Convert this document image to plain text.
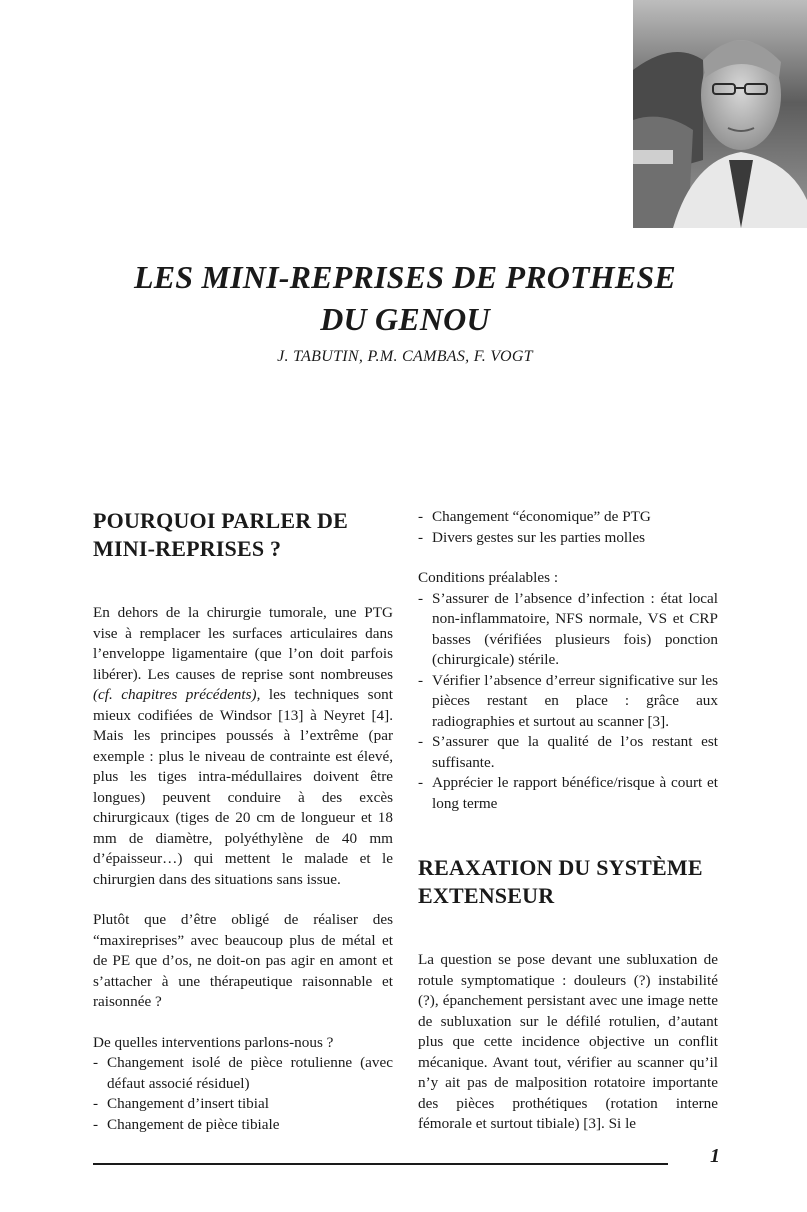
LES MINI-REPRISES DE PROTHESE
DU GENOU

J. TABUTIN, P.M. CAMBAS, F. VOGT

POURQUOI PARLER DE
MINI-REPRISES ?

En dehors de la chirurgie tumorale, une PTG vise à remplacer les surfaces articulaires dans l’enveloppe ligamentaire (que l’on doit parfois libérer). Les causes de reprise sont nombreuses (cf. chapitres précédents), les techniques sont mieux codifiées de Windsor [13] à Neyret [4]. Mais les principes poussés à l’extrême (par exemple : plus le niveau de contrainte est élevé, plus les tiges intra-médullaires doivent être longues) peuvent conduire à des excès chirurgicaux (tiges de 20 cm de longueur et 18 mm de diamètre, polyéthylène de 40 mm d’épaisseur…) qui mettent le malade et le chirurgien dans des situations sans issue.

Plutôt que d’être obligé de réaliser des “maxireprises” avec beaucoup plus de métal et de PE que d’os, ne doit-on pas agir en amont et s’attacher à une thérapeutique raisonnable et raisonnée ?

De quelles interventions parlons-nous ?

- Changement isolé de pièce rotulienne (avec défaut associé résiduel)
- Changement d’insert tibial
- Changement de pièce tibiale
- Changement “économique” de PTG
- Divers gestes sur les parties molles

Conditions préalables :

- S’assurer de l’absence d’infection : état local non-inflammatoire, NFS normale, VS et CRP basses (vérifiées plusieurs fois) ponction (chirurgicale) stérile.
- Vérifier l’absence d’erreur significative sur les pièces restant en place : grâce aux radiographies et surtout au scanner [3].
- S’assurer que la qualité de l’os restant est suffisante.
- Apprécier le rapport bénéfice/risque à court et long terme
REAXATION DU SYSTÈME
EXTENSEUR

La question se pose devant une subluxation de rotule symptomatique : douleurs (?) instabilité (?), épanchement persistant avec une image nette de subluxation sur le défilé rotulien, d’autant plus que cette incidence objective un conflit mécanique. Avant tout, vérifier au scanner qu’il n’y ait pas de malposition rotatoire importante des pièces prothétiques (rotation interne fémorale et surtout tibiale) [3]. Si le

1
